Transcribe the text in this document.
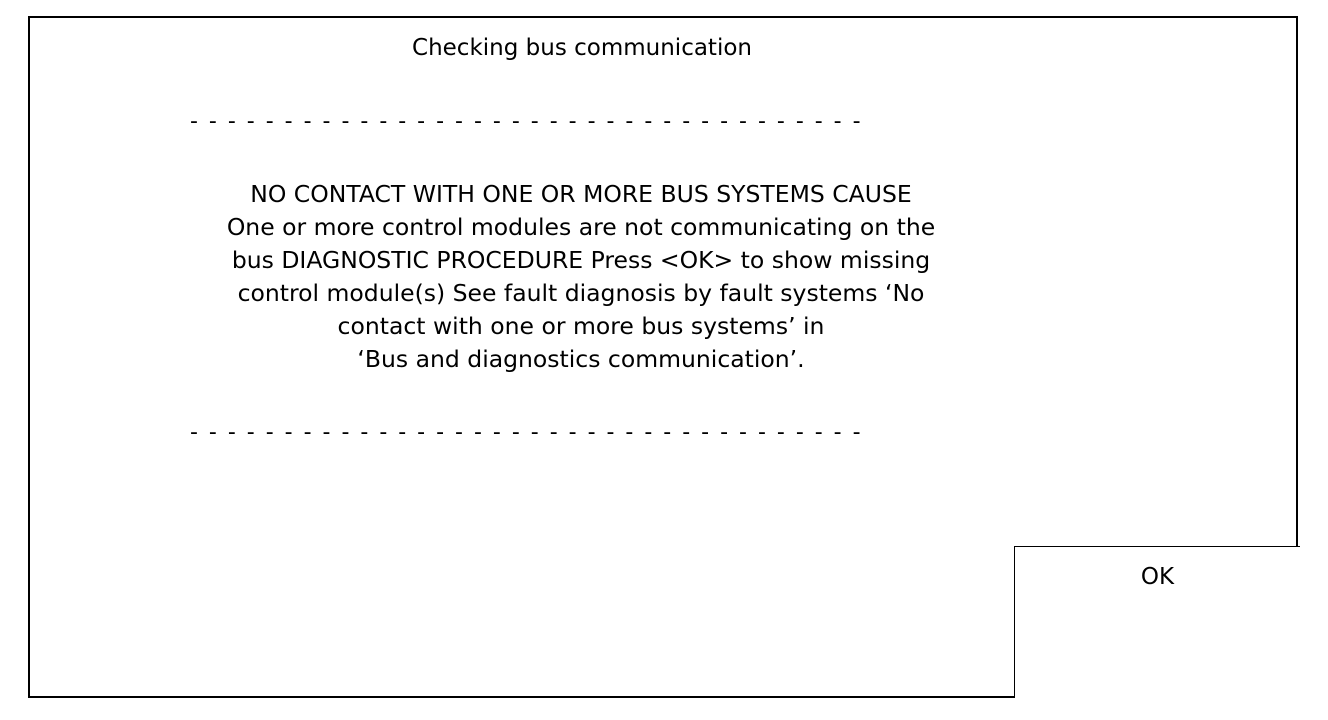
Checking bus communication
- - - - - - - - - - - - - - - - - - - - - - - - - - - - - - - - - - - -
NO CONTACT WITH ONE OR MORE BUS SYSTEMS CAUSE
One or more control modules are not communicating on the
bus DIAGNOSTIC PROCEDURE Press <OK> to show missing
control module(s) See fault diagnosis by fault systems ‘No
contact with one or more bus systems’ in
‘Bus and diagnostics communication’.
- - - - - - - - - - - - - - - - - - - - - - - - - - - - - - - - - - - -
OK
